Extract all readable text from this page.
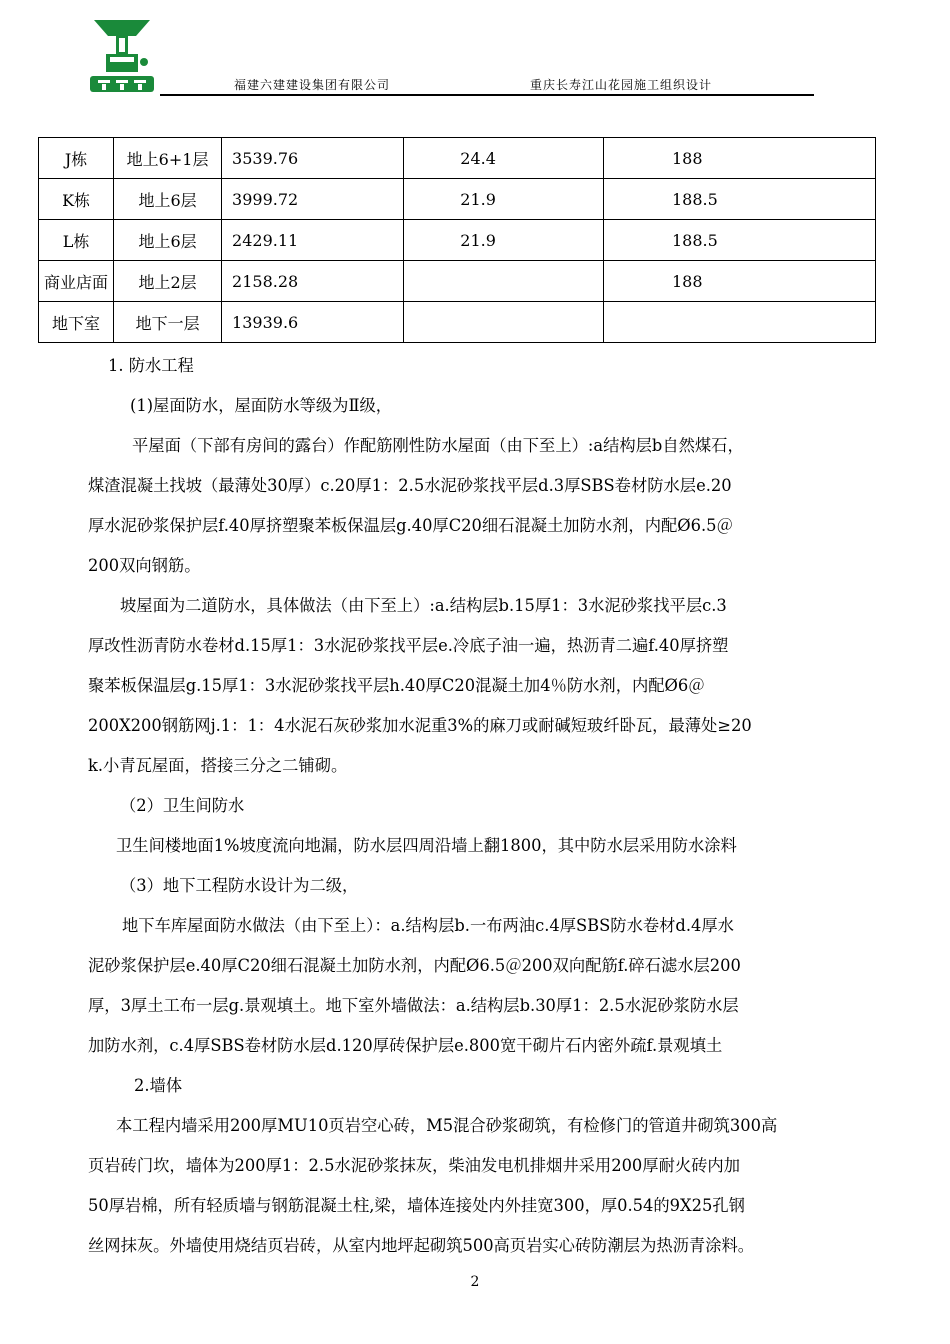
福建六建建设集团有限公司	重庆长寿江山花园施工组织设计
J栋	地上6+1层	3539.76	24.4	188
K栋	地上6层	3999.72	21.9	188.5
L栋	地上6层	2429.11	21.9	188.5
商业店面	地上2层	2158.28		188
地下室	地下一层	13939.6		

1. 防水工程

(1)屋面防水，屋面防水等级为Ⅱ级，

平屋面（下部有房间的露台）作配筋刚性防水屋面（由下至上）:a结构层b自然煤石，

煤渣混凝土找坡（最薄处30厚）c.20厚1：2.5水泥砂浆找平层d.3厚SBS卷材防水层e.20

厚水泥砂浆保护层f.40厚挤塑聚苯板保温层g.40厚C20细石混凝土加防水剂，内配Ø6.5＠

200双向钢筋。

坡屋面为二道防水，具体做法（由下至上）:a.结构层b.15厚1：3水泥砂浆找平层c.3

厚改性沥青防水卷材d.15厚1：3水泥砂浆找平层e.冷底子油一遍，热沥青二遍f.40厚挤塑

聚苯板保温层g.15厚1：3水泥砂浆找平层h.40厚C20混凝土加4％防水剂，内配Ø6＠

200X200钢筋网j.1：1：4水泥石灰砂浆加水泥重3%的麻刀或耐碱短玻纤卧瓦，最薄处≥20

k.小青瓦屋面，搭接三分之二铺砌。

（2）卫生间防水

卫生间楼地面1%坡度流向地漏，防水层四周沿墙上翻1800，其中防水层采用防水涂料

（3）地下工程防水设计为二级，

地下车库屋面防水做法（由下至上）：a.结构层b.一布两油c.4厚SBS防水卷材d.4厚水

泥砂浆保护层e.40厚C20细石混凝土加防水剂，内配Ø6.5＠200双向配筋f.碎石滤水层200

厚，3厚土工布一层g.景观填土。地下室外墙做法：a.结构层b.30厚1：2.5水泥砂浆防水层

加防水剂，c.4厚SBS卷材防水层d.120厚砖保护层e.800宽干砌片石内密外疏f.景观填土

2.墙体

本工程内墙采用200厚MU10页岩空心砖，M5混合砂浆砌筑，有检修门的管道井砌筑300高

页岩砖门坎，墙体为200厚1：2.5水泥砂浆抹灰，柴油发电机排烟井采用200厚耐火砖内加

50厚岩棉，所有轻质墙与钢筋混凝土柱,梁，墙体连接处内外挂宽300，厚0.54的9X25孔钢

丝网抹灰。外墙使用烧结页岩砖，从室内地坪起砌筑500高页岩实心砖防潮层为热沥青涂料。

2
